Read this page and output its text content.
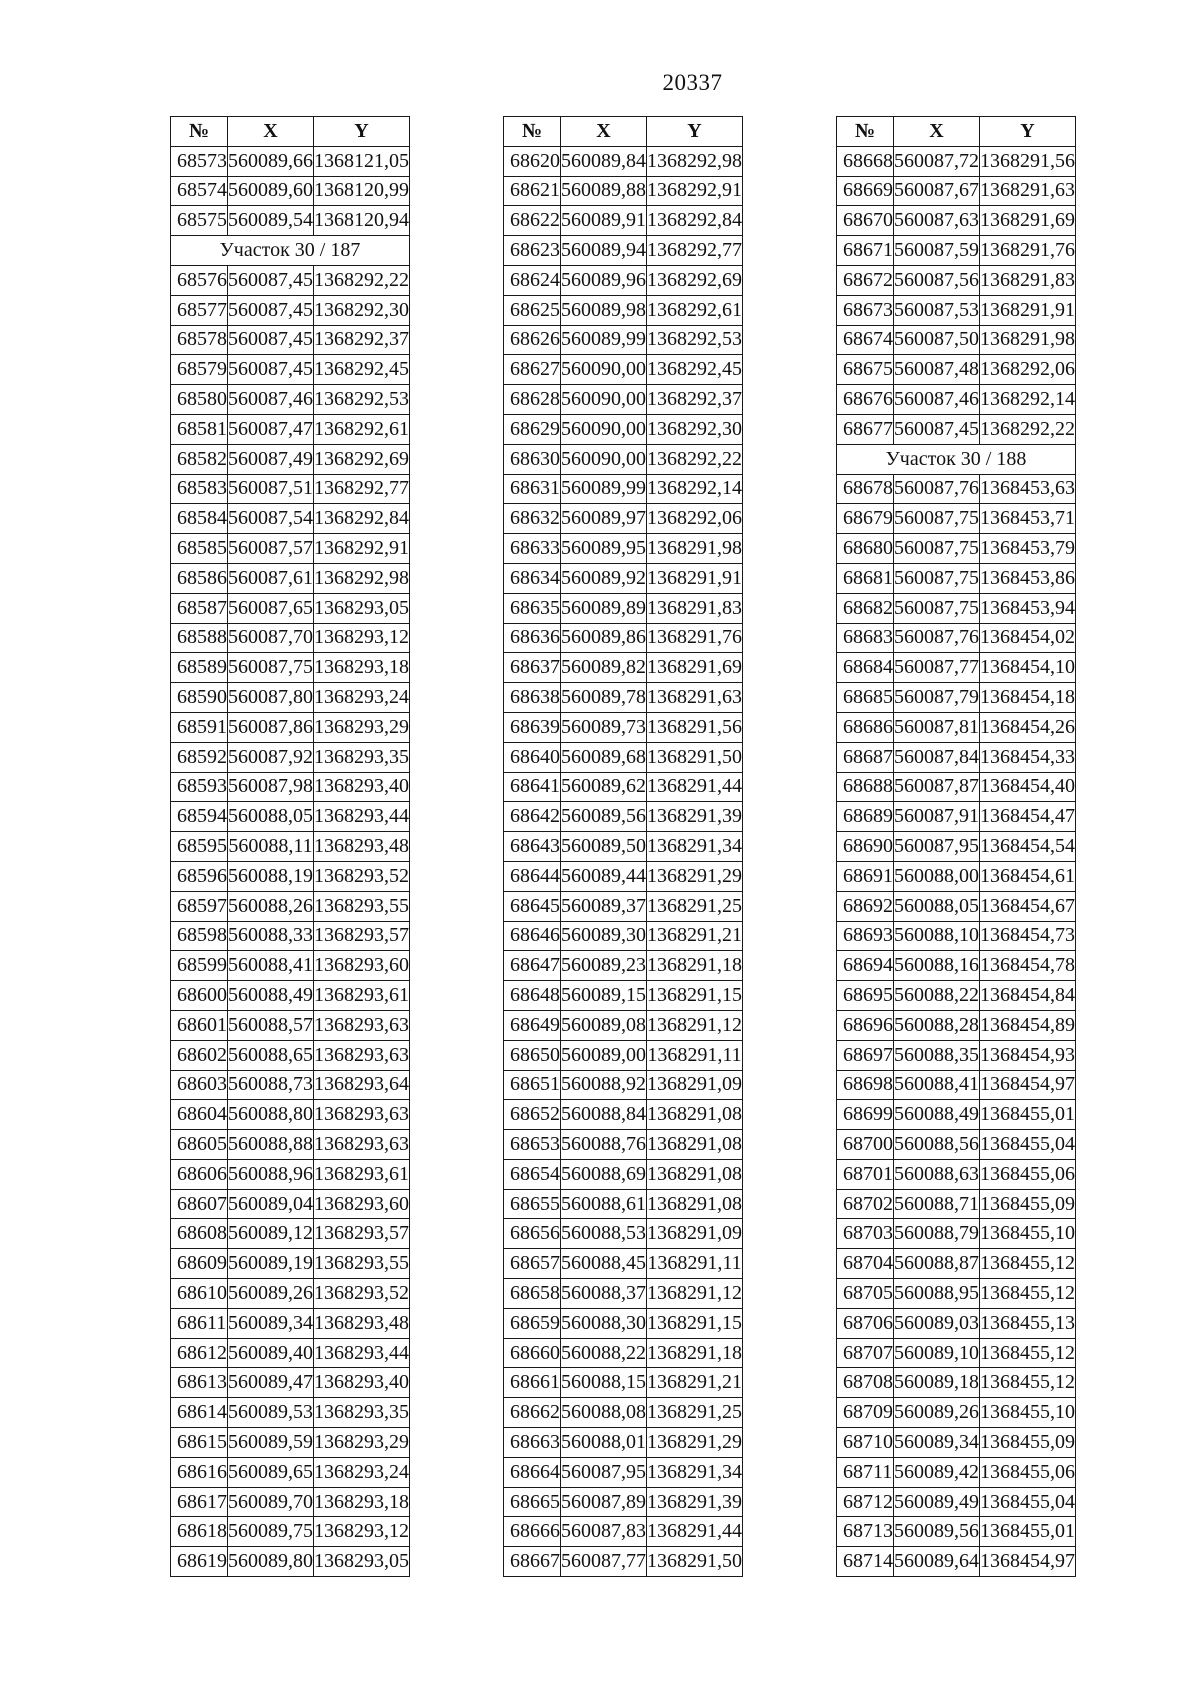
20337
№	X	Y
68573	560089,66	1368121,05
68574	560089,60	1368120,99
68575	560089,54	1368120,94
Участок 30 / 187		
68576	560087,45	1368292,22
68577	560087,45	1368292,30
68578	560087,45	1368292,37
68579	560087,45	1368292,45
68580	560087,46	1368292,53
68581	560087,47	1368292,61
68582	560087,49	1368292,69
68583	560087,51	1368292,77
68584	560087,54	1368292,84
68585	560087,57	1368292,91
68586	560087,61	1368292,98
68587	560087,65	1368293,05
68588	560087,70	1368293,12
68589	560087,75	1368293,18
68590	560087,80	1368293,24
68591	560087,86	1368293,29
68592	560087,92	1368293,35
68593	560087,98	1368293,40
68594	560088,05	1368293,44
68595	560088,11	1368293,48
68596	560088,19	1368293,52
68597	560088,26	1368293,55
68598	560088,33	1368293,57
68599	560088,41	1368293,60
68600	560088,49	1368293,61
68601	560088,57	1368293,63
68602	560088,65	1368293,63
68603	560088,73	1368293,64
68604	560088,80	1368293,63
68605	560088,88	1368293,63
68606	560088,96	1368293,61
68607	560089,04	1368293,60
68608	560089,12	1368293,57
68609	560089,19	1368293,55
68610	560089,26	1368293,52
68611	560089,34	1368293,48
68612	560089,40	1368293,44
68613	560089,47	1368293,40
68614	560089,53	1368293,35
68615	560089,59	1368293,29
68616	560089,65	1368293,24
68617	560089,70	1368293,18
68618	560089,75	1368293,12
68619	560089,80	1368293,05
№	X	Y
68620	560089,84	1368292,98
68621	560089,88	1368292,91
68622	560089,91	1368292,84
68623	560089,94	1368292,77
68624	560089,96	1368292,69
68625	560089,98	1368292,61
68626	560089,99	1368292,53
68627	560090,00	1368292,45
68628	560090,00	1368292,37
68629	560090,00	1368292,30
68630	560090,00	1368292,22
68631	560089,99	1368292,14
68632	560089,97	1368292,06
68633	560089,95	1368291,98
68634	560089,92	1368291,91
68635	560089,89	1368291,83
68636	560089,86	1368291,76
68637	560089,82	1368291,69
68638	560089,78	1368291,63
68639	560089,73	1368291,56
68640	560089,68	1368291,50
68641	560089,62	1368291,44
68642	560089,56	1368291,39
68643	560089,50	1368291,34
68644	560089,44	1368291,29
68645	560089,37	1368291,25
68646	560089,30	1368291,21
68647	560089,23	1368291,18
68648	560089,15	1368291,15
68649	560089,08	1368291,12
68650	560089,00	1368291,11
68651	560088,92	1368291,09
68652	560088,84	1368291,08
68653	560088,76	1368291,08
68654	560088,69	1368291,08
68655	560088,61	1368291,08
68656	560088,53	1368291,09
68657	560088,45	1368291,11
68658	560088,37	1368291,12
68659	560088,30	1368291,15
68660	560088,22	1368291,18
68661	560088,15	1368291,21
68662	560088,08	1368291,25
68663	560088,01	1368291,29
68664	560087,95	1368291,34
68665	560087,89	1368291,39
68666	560087,83	1368291,44
68667	560087,77	1368291,50
№	X	Y
68668	560087,72	1368291,56
68669	560087,67	1368291,63
68670	560087,63	1368291,69
68671	560087,59	1368291,76
68672	560087,56	1368291,83
68673	560087,53	1368291,91
68674	560087,50	1368291,98
68675	560087,48	1368292,06
68676	560087,46	1368292,14
68677	560087,45	1368292,22
Участок 30 / 188		
68678	560087,76	1368453,63
68679	560087,75	1368453,71
68680	560087,75	1368453,79
68681	560087,75	1368453,86
68682	560087,75	1368453,94
68683	560087,76	1368454,02
68684	560087,77	1368454,10
68685	560087,79	1368454,18
68686	560087,81	1368454,26
68687	560087,84	1368454,33
68688	560087,87	1368454,40
68689	560087,91	1368454,47
68690	560087,95	1368454,54
68691	560088,00	1368454,61
68692	560088,05	1368454,67
68693	560088,10	1368454,73
68694	560088,16	1368454,78
68695	560088,22	1368454,84
68696	560088,28	1368454,89
68697	560088,35	1368454,93
68698	560088,41	1368454,97
68699	560088,49	1368455,01
68700	560088,56	1368455,04
68701	560088,63	1368455,06
68702	560088,71	1368455,09
68703	560088,79	1368455,10
68704	560088,87	1368455,12
68705	560088,95	1368455,12
68706	560089,03	1368455,13
68707	560089,10	1368455,12
68708	560089,18	1368455,12
68709	560089,26	1368455,10
68710	560089,34	1368455,09
68711	560089,42	1368455,06
68712	560089,49	1368455,04
68713	560089,56	1368455,01
68714	560089,64	1368454,97
